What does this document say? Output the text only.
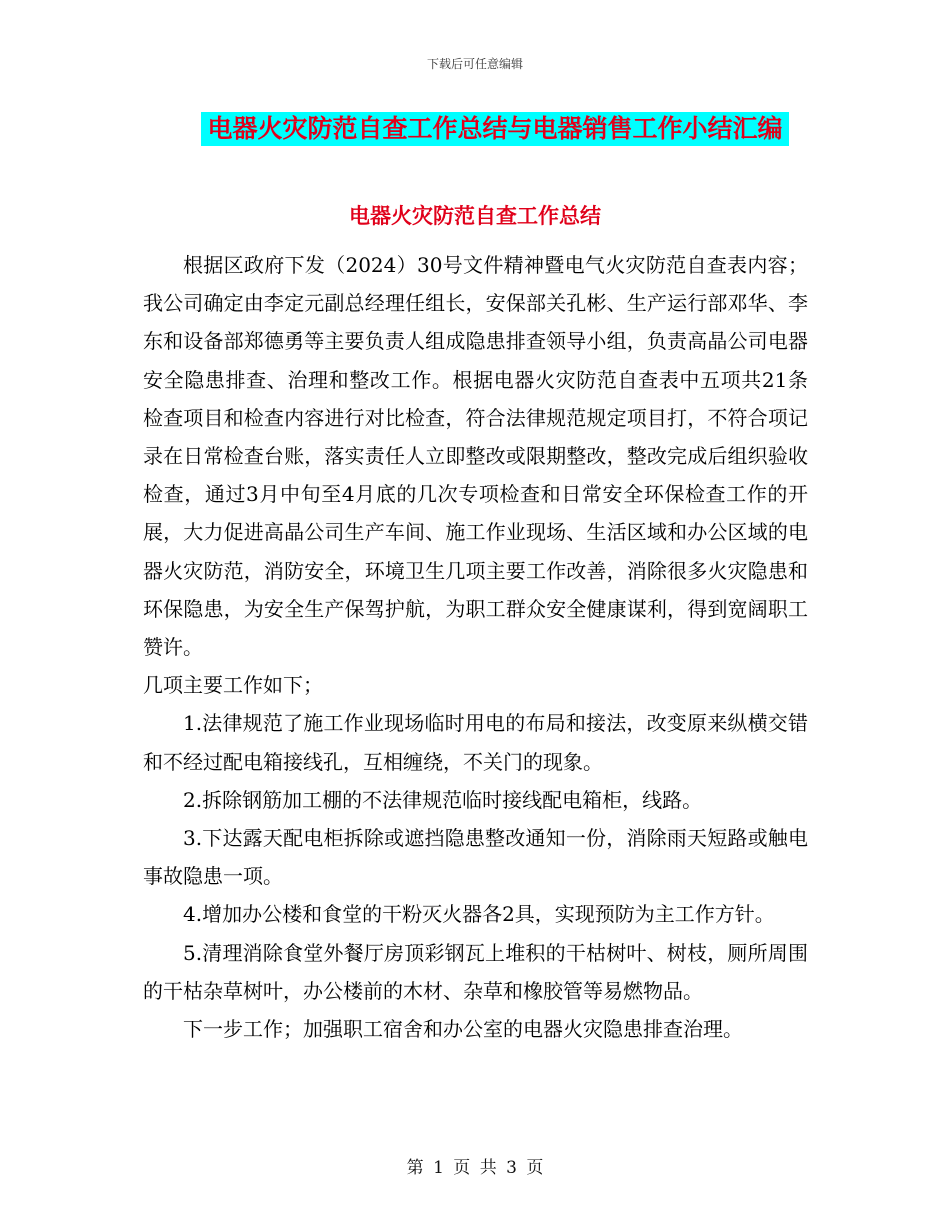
下载后可任意编辑
电器火灾防范自查工作总结与电器销售工作小结汇编
电器火灾防范自查工作总结

根据区政府下发（2024）30号文件精神暨电气火灾防范自查表内容；我公司确定由李定元副总经理任组长，安保部关孔彬、生产运行部邓华、李东和设备部郑德勇等主要负责人组成隐患排查领导小组，负责高晶公司电器安全隐患排查、治理和整改工作。根据电器火灾防范自查表中五项共21条检查项目和检查内容进行对比检查，符合法律规范规定项目打，不符合项记录在日常检查台账，落实责任人立即整改或限期整改，整改完成后组织验收检查，通过3月中旬至4月底的几次专项检查和日常安全环保检查工作的开展，大力促进高晶公司生产车间、施工作业现场、生活区域和办公区域的电器火灾防范，消防安全，环境卫生几项主要工作改善，消除很多火灾隐患和环保隐患，为安全生产保驾护航，为职工群众安全健康谋利，得到宽阔职工赞许。

几项主要工作如下；

1.法律规范了施工作业现场临时用电的布局和接法，改变原来纵横交错和不经过配电箱接线孔，互相缠绕，不关门的现象。

2.拆除钢筋加工棚的不法律规范临时接线配电箱柜，线路。

3.下达露天配电柜拆除或遮挡隐患整改通知一份，消除雨天短路或触电事故隐患一项。

4.增加办公楼和食堂的干粉灭火器各2具，实现预防为主工作方针。

5.清理消除食堂外餐厅房顶彩钢瓦上堆积的干枯树叶、树枝，厕所周围的干枯杂草树叶，办公楼前的木材、杂草和橡胶管等易燃物品。

下一步工作；加强职工宿舍和办公室的电器火灾隐患排查治理。

第 1 页 共 3 页
